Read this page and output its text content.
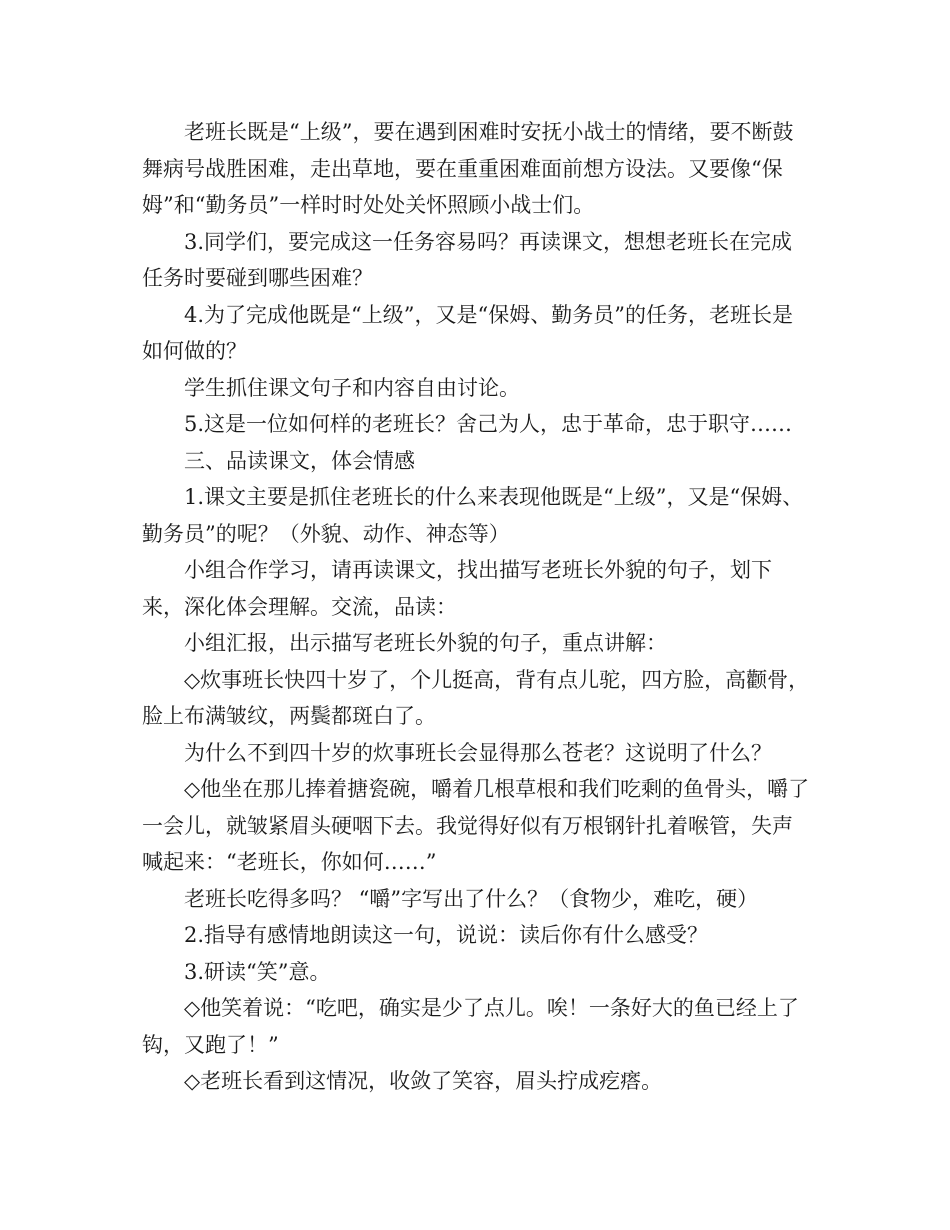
老班长既是“上级”，要在遇到困难时安抚小战士的情绪，要不断鼓舞病号战胜困难，走出草地，要在重重困难面前想方设法。又要像“保姆”和“勤务员”一样时时处处关怀照顾小战士们。

3.同学们，要完成这一任务容易吗？再读课文，想想老班长在完成任务时要碰到哪些困难？

4.为了完成他既是“上级”，又是“保姆、勤务员”的任务，老班长是如何做的？

学生抓住课文句子和内容自由讨论。

5.这是一位如何样的老班长？舍己为人，忠于革命，忠于职守……

三、品读课文，体会情感

1.课文主要是抓住老班长的什么来表现他既是“上级”，又是“保姆、勤务员”的呢？（外貌、动作、神态等）

小组合作学习，请再读课文，找出描写老班长外貌的句子，划下来，深化体会理解。交流，品读：

小组汇报，出示描写老班长外貌的句子，重点讲解：

◇炊事班长快四十岁了，个儿挺高，背有点儿驼，四方脸，高颧骨，脸上布满皱纹，两鬓都斑白了。

为什么不到四十岁的炊事班长会显得那么苍老？这说明了什么？

◇他坐在那儿捧着搪瓷碗，嚼着几根草根和我们吃剩的鱼骨头，嚼了一会儿，就皱紧眉头硬咽下去。我觉得好似有万根钢针扎着喉管，失声喊起来：“老班长，你如何……”

老班长吃得多吗？ “嚼”字写出了什么？（食物少，难吃，硬）

2.指导有感情地朗读这一句，说说：读后你有什么感受？

3.研读“笑”意。

◇他笑着说：“吃吧，确实是少了点儿。唉！一条好大的鱼已经上了钩，又跑了！”

◇老班长看到这情况，收敛了笑容，眉头拧成疙瘩。
